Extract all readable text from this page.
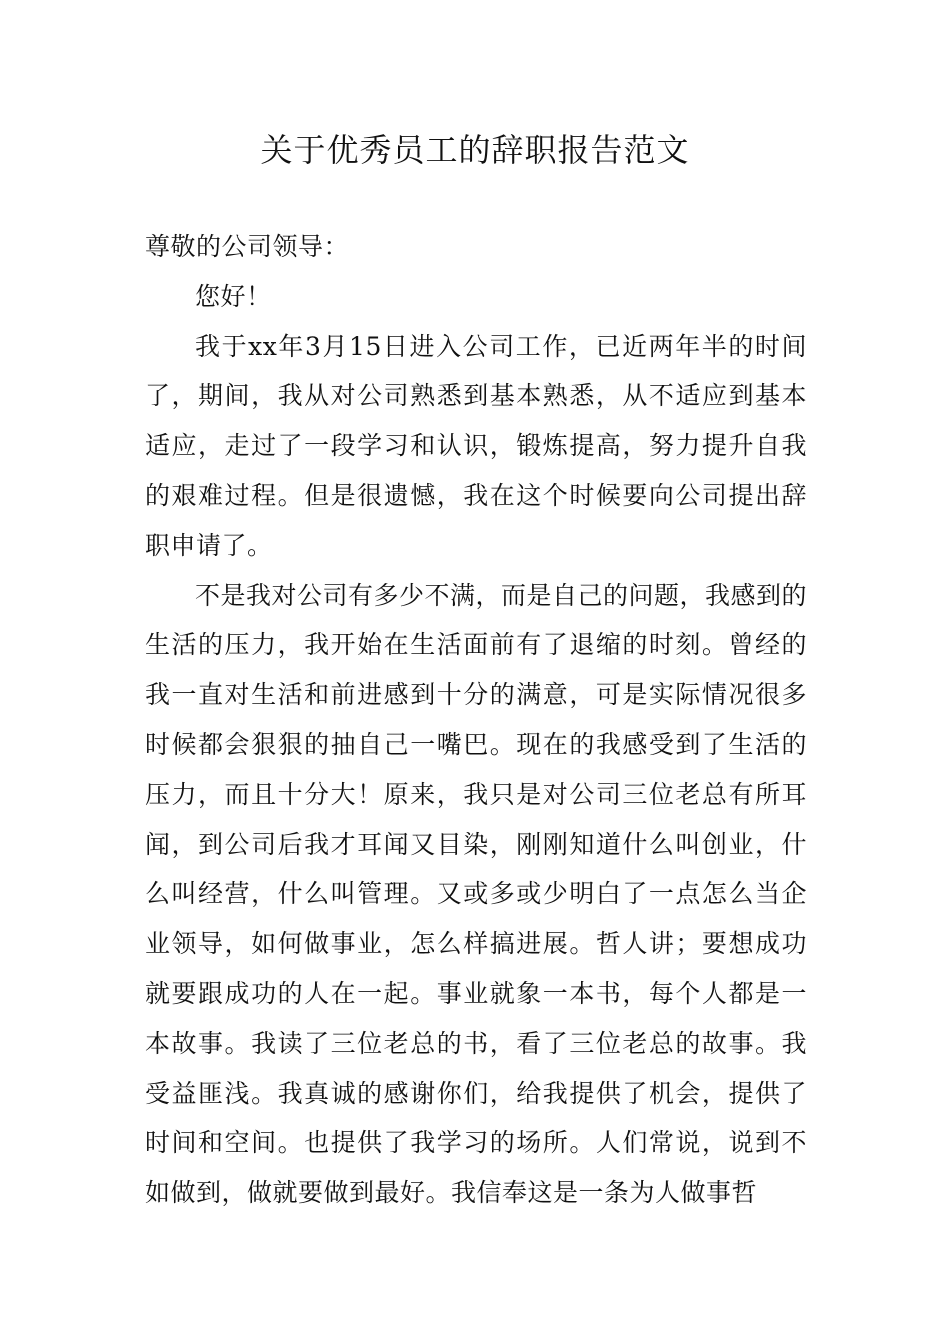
关于优秀员工的辞职报告范文

尊敬的公司领导：

您好！

我于xx年3月15日进入公司工作，已近两年半的时间了，期间，我从对公司熟悉到基本熟悉，从不适应到基本适应，走过了一段学习和认识，锻炼提高，努力提升自我的艰难过程。但是很遗憾，我在这个时候要向公司提出辞职申请了。

不是我对公司有多少不满，而是自己的问题，我感到的生活的压力，我开始在生活面前有了退缩的时刻。曾经的我一直对生活和前进感到十分的满意，可是实际情况很多时候都会狠狠的抽自己一嘴巴。现在的我感受到了生活的压力，而且十分大！原来，我只是对公司三位老总有所耳闻，到公司后我才耳闻又目染，刚刚知道什么叫创业，什么叫经营，什么叫管理。又或多或少明白了一点怎么当企业领导，如何做事业，怎么样搞进展。哲人讲；要想成功就要跟成功的人在一起。事业就象一本书，每个人都是一本故事。我读了三位老总的书，看了三位老总的故事。我受益匪浅。我真诚的感谢你们，给我提供了机会，提供了时间和空间。也提供了我学习的场所。人们常说，说到不如做到，做就要做到最好。我信奉这是一条为人做事哲
